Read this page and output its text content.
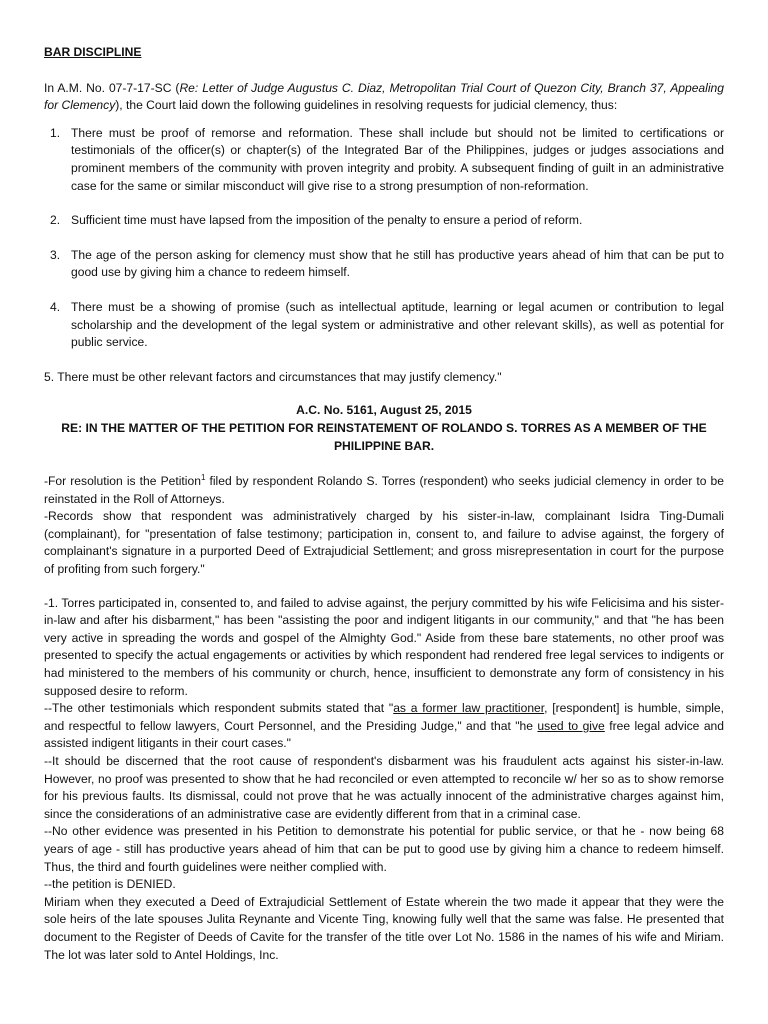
BAR DISCIPLINE

In A.M. No. 07-7-17-SC (Re: Letter of Judge Augustus C. Diaz, Metropolitan Trial Court of Quezon City, Branch 37, Appealing for Clemency), the Court laid down the following guidelines in resolving requests for judicial clemency, thus:

1. There must be proof of remorse and reformation. These shall include but should not be limited to certifications or testimonials of the officer(s) or chapter(s) of the Integrated Bar of the Philippines, judges or judges associations and prominent members of the community with proven integrity and probity. A subsequent finding of guilt in an administrative case for the same or similar misconduct will give rise to a strong presumption of non-reformation.
2. Sufficient time must have lapsed from the imposition of the penalty to ensure a period of reform.
3. The age of the person asking for clemency must show that he still has productive years ahead of him that can be put to good use by giving him a chance to redeem himself.
4. There must be a showing of promise (such as intellectual aptitude, learning or legal acumen or contribution to legal scholarship and the development of the legal system or administrative and other relevant skills), as well as potential for public service.

5. There must be other relevant factors and circumstances that may justify clemency."

A.C. No. 5161, August 25, 2015
RE: IN THE MATTER OF THE PETITION FOR REINSTATEMENT OF ROLANDO S. TORRES AS A MEMBER OF THE PHILIPPINE BAR.

-For resolution is the Petition$^1$ filed by respondent Rolando S. Torres (respondent) who seeks judicial clemency in order to be reinstated in the Roll of Attorneys.

-Records show that respondent was administratively charged by his sister-in-law, complainant Isidra Ting-Dumali (complainant), for "presentation of false testimony; participation in, consent to, and failure to advise against, the forgery of complainant's signature in a purported Deed of Extrajudicial Settlement; and gross misrepresentation in court for the purpose of profiting from such forgery."

-1. Torres participated in, consented to, and failed to advise against, the perjury committed by his wife Felicisima and his sister-in-law and after his disbarment," has been "assisting the poor and indigent litigants in our community," and that "he has been very active in spreading the words and gospel of the Almighty God." Aside from these bare statements, no other proof was presented to specify the actual engagements or activities by which respondent had rendered free legal services to indigents or had ministered to the members of his community or church, hence, insufficient to demonstrate any form of consistency in his supposed desire to reform.

--The other testimonials which respondent submits stated that "as a former law practitioner, [respondent] is humble, simple, and respectful to fellow lawyers, Court Personnel, and the Presiding Judge," and that "he used to give free legal advice and assisted indigent litigants in their court cases."

--It should be discerned that the root cause of respondent's disbarment was his fraudulent acts against his sister-in-law. However, no proof was presented to show that he had reconciled or even attempted to reconcile w/ her so as to show remorse for his previous faults. Its dismissal, could not prove that he was actually innocent of the administrative charges against him, since the considerations of an administrative case are evidently different from that in a criminal case.

--No other evidence was presented in his Petition to demonstrate his potential for public service, or that he - now being 68 years of age - still has productive years ahead of him that can be put to good use by giving him a chance to redeem himself. Thus, the third and fourth guidelines were neither complied with.

--the petition is DENIED.

Miriam when they executed a Deed of Extrajudicial Settlement of Estate wherein the two made it appear that they were the sole heirs of the late spouses Julita Reynante and Vicente Ting, knowing fully well that the same was false. He presented that document to the Register of Deeds of Cavite for the transfer of the title over Lot No. 1586 in the names of his wife and Miriam. The lot was later sold to Antel Holdings, Inc.
